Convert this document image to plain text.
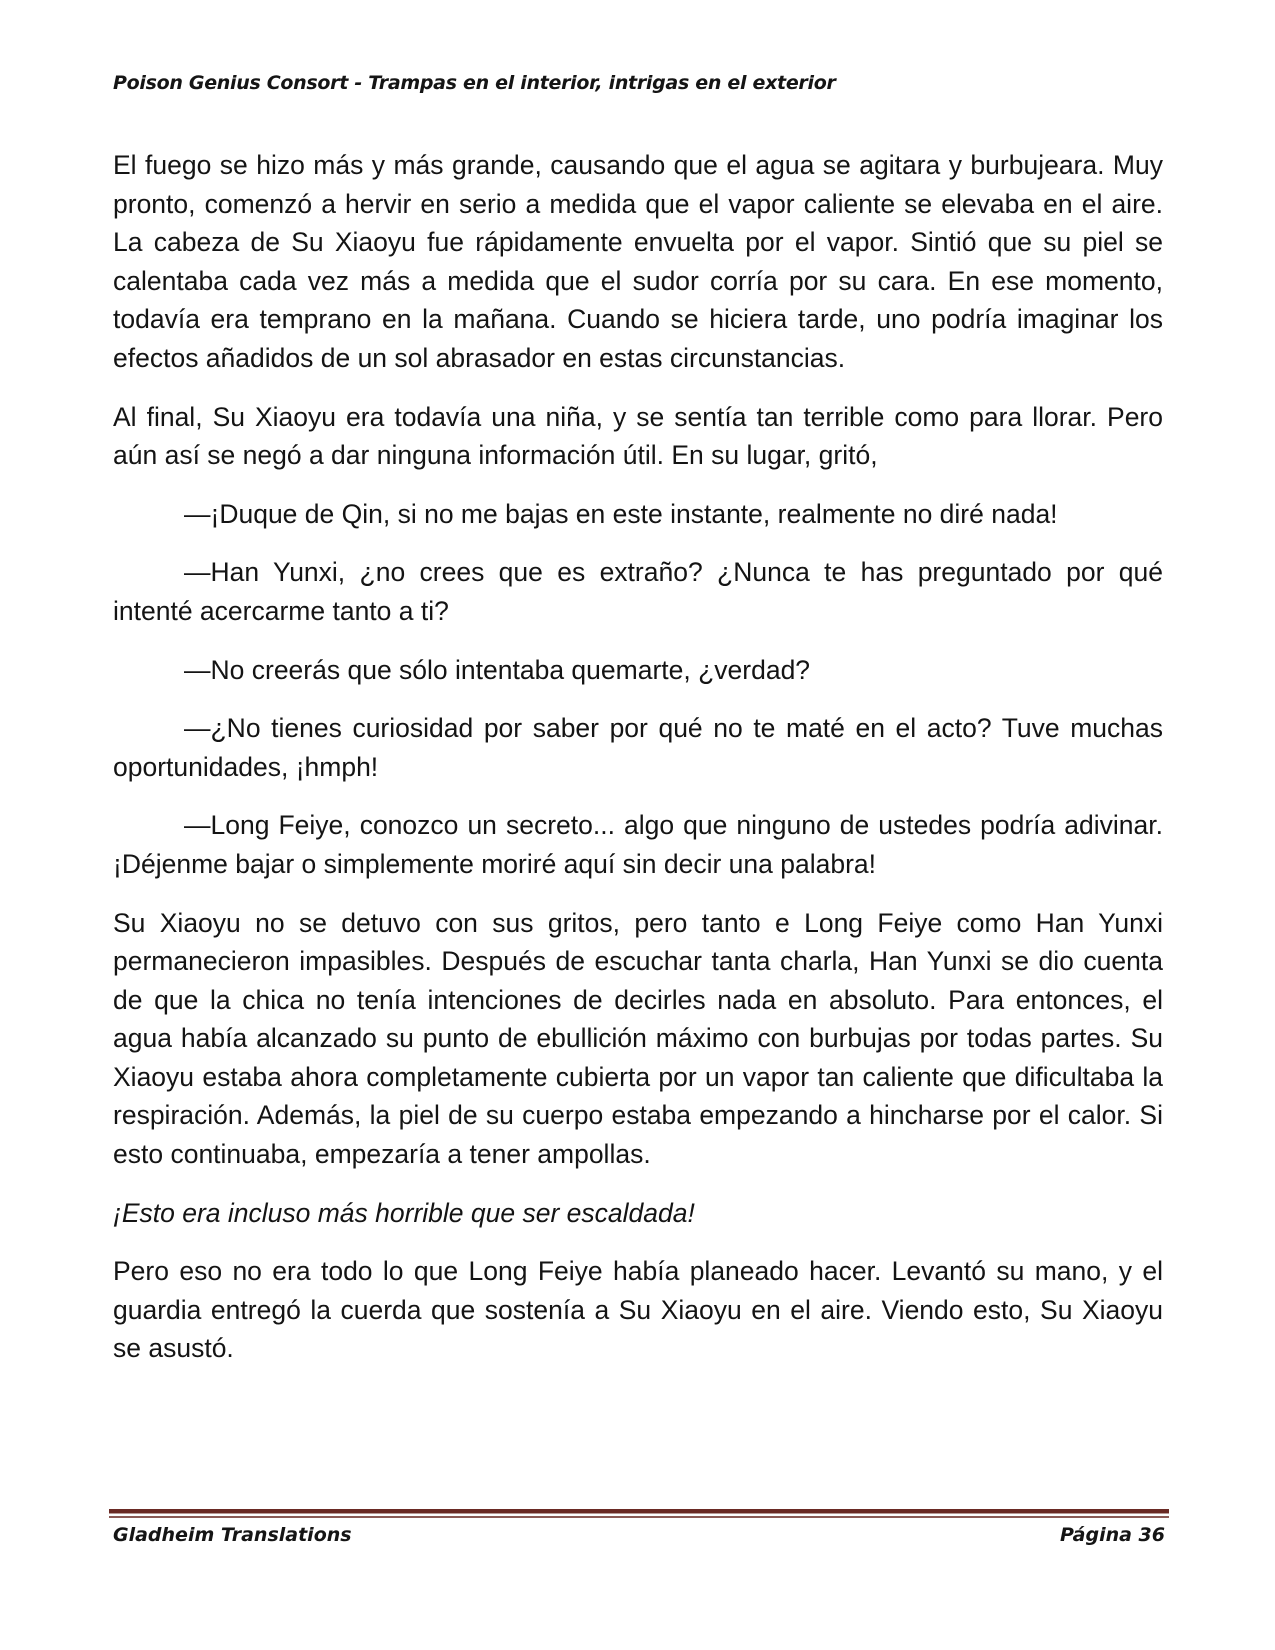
Poison Genius Consort - Trampas en el interior, intrigas en el exterior

El fuego se hizo más y más grande, causando que el agua se agitara y burbujeara. Muy pronto, comenzó a hervir en serio a medida que el vapor caliente se elevaba en el aire. La cabeza de Su Xiaoyu fue rápidamente envuelta por el vapor. Sintió que su piel se calentaba cada vez más a medida que el sudor corría por su cara. En ese momento, todavía era temprano en la mañana. Cuando se hiciera tarde, uno podría imaginar los efectos añadidos de un sol abrasador en estas circunstancias.

Al final, Su Xiaoyu era todavía una niña, y se sentía tan terrible como para llorar. Pero aún así se negó a dar ninguna información útil. En su lugar, gritó,

—¡Duque de Qin, si no me bajas en este instante, realmente no diré nada!

—Han Yunxi, ¿no crees que es extraño? ¿Nunca te has preguntado por qué intenté acercarme tanto a ti?

—No creerás que sólo intentaba quemarte, ¿verdad?

—¿No tienes curiosidad por saber por qué no te maté en el acto? Tuve muchas oportunidades, ¡hmph!

—Long Feiye, conozco un secreto... algo que ninguno de ustedes podría adivinar. ¡Déjenme bajar o simplemente moriré aquí sin decir una palabra!

Su Xiaoyu no se detuvo con sus gritos, pero tanto e Long Feiye como Han Yunxi permanecieron impasibles. Después de escuchar tanta charla, Han Yunxi se dio cuenta de que la chica no tenía intenciones de decirles nada en absoluto. Para entonces, el agua había alcanzado su punto de ebullición máximo con burbujas por todas partes. Su Xiaoyu estaba ahora completamente cubierta por un vapor tan caliente que dificultaba la respiración. Además, la piel de su cuerpo estaba empezando a hincharse por el calor. Si esto continuaba, empezaría a tener ampollas.

¡Esto era incluso más horrible que ser escaldada!

Pero eso no era todo lo que Long Feiye había planeado hacer. Levantó su mano, y el guardia entregó la cuerda que sostenía a Su Xiaoyu en el aire. Viendo esto, Su Xiaoyu se asustó.

Gladheim Translations	Página 36
